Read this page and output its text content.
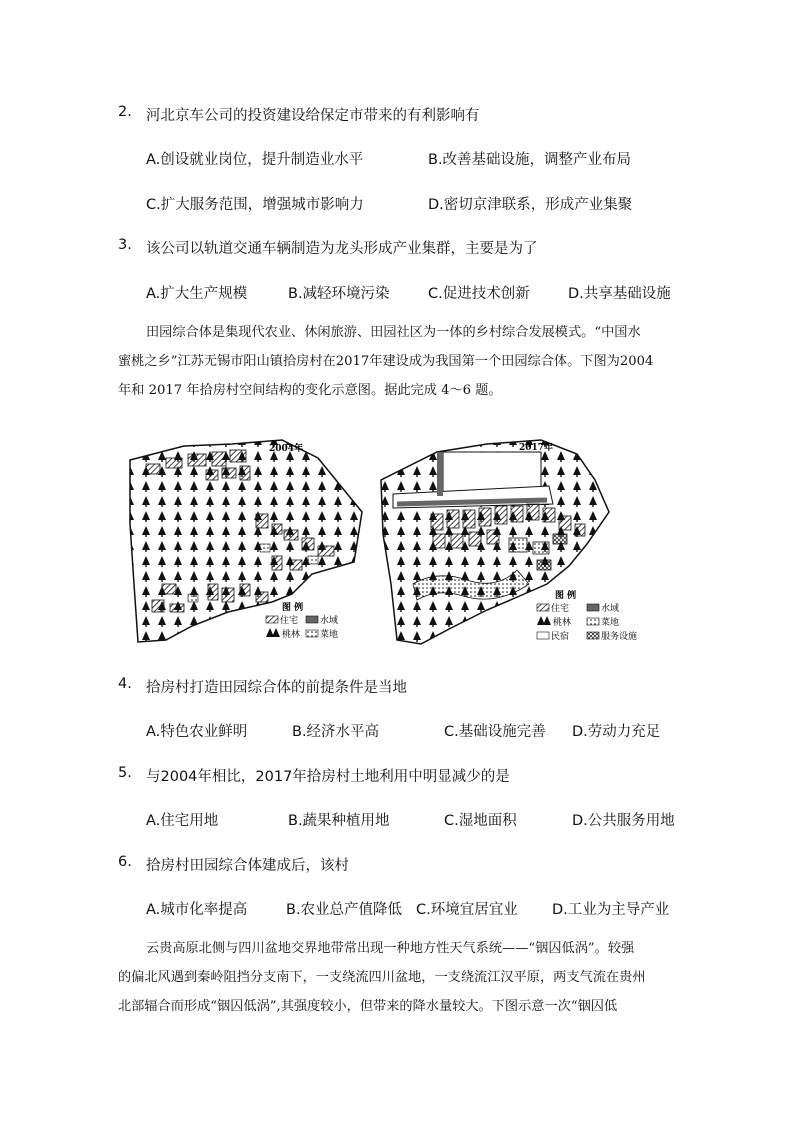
2. 河北京车公司的投资建设给保定市带来的有利影响有
A.创设就业岗位，提升制造业水平	B.改善基础设施，调整产业布局
C.扩大服务范围，增强城市影响力	D.密切京津联系，形成产业集聚
3. 该公司以轨道交通车辆制造为龙头形成产业集群，主要是为了
A.扩大生产规模	B.减轻环境污染	C.促进技术创新	D.共享基础设施
田园综合体是集现代农业、休闲旅游、田园社区为一体的乡村综合发展模式。“中国水
蜜桃之乡”江苏无锡市阳山镇拾房村在2017年建设成为我国第一个田园综合体。下图为2004
年和 2017 年拾房村空间结构的变化示意图。据此完成 4～6 题。
2004年
图 例
住宅 水域
桃林 菜地
2017年
图 例
住宅	水域
桃林	菜地
民宿	服务设施
4. 拾房村打造田园综合体的前提条件是当地
A.特色农业鲜明	B.经济水平高	C.基础设施完善 D.劳动力充足
5. 与2004年相比，2017年拾房村土地利用中明显减少的是
A.住宅用地	B.蔬果种植用地	C.湿地面积	D.公共服务用地
6. 拾房村田园综合体建成后，该村
A.城市化率提高	B.农业总产值降低 C.环境宜居宜业 D.工业为主导产业
云贵高原北侧与四川盆地交界地带常出现一种地方性天气系统——“铟囚低涡”。较强
的偏北风遇到秦岭阻挡分支南下，一支绕流四川盆地，一支绕流江汉平原，两支气流在贵州
北部辐合而形成“铟囚低涡”,其强度较小，但带来的降水量较大。下图示意一次“铟囚低
